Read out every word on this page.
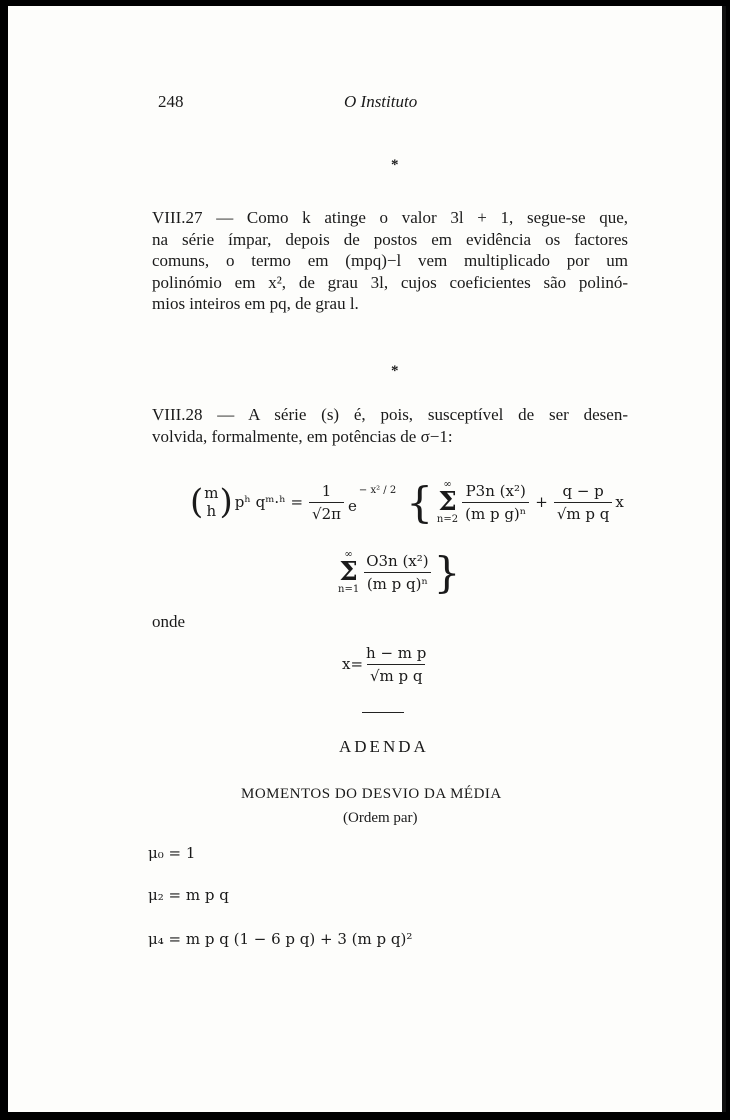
248	O Instituto
*
VIII.27 — Como k atinge o valor 3l + 1, segue-se que,
na série ímpar, depois de postos em evidência os factores
comuns, o termo em (mpq)−l vem multiplicado por um
polinómio em x², de grau 3l, cujos coeficientes são polinó-
mios inteiros em pq, de grau l.
*
VIII.28 — A série (s) é, pois, susceptível de ser desen-
volvida, formalmente, em potências de σ−1:
( m
h ) pʰ qᵐ·ʰ = $\frac{1}{√2\pi}$ e
− x² / 2 { ∞
Σ
$n=2 \frac{\text{P3n (x²)}}{\text{(m p g)ⁿ}} + \frac{q - p}{\text{√m p q}}$ x
∞
Σ
$n=1 \frac{\text{O3n (x²)}}{\text{(m p q)ⁿ}}$ }
onde
$x= \frac{\text{h − m p}}{\text{√m p q}}$
ADENDA
MOMENTOS DO DESVIO DA MÉDIA
(Ordem par)
μ₀ = 1
μ₂ = m p q
μ₄ = m p q (1 − 6 p q) + 3 (m p q)²
